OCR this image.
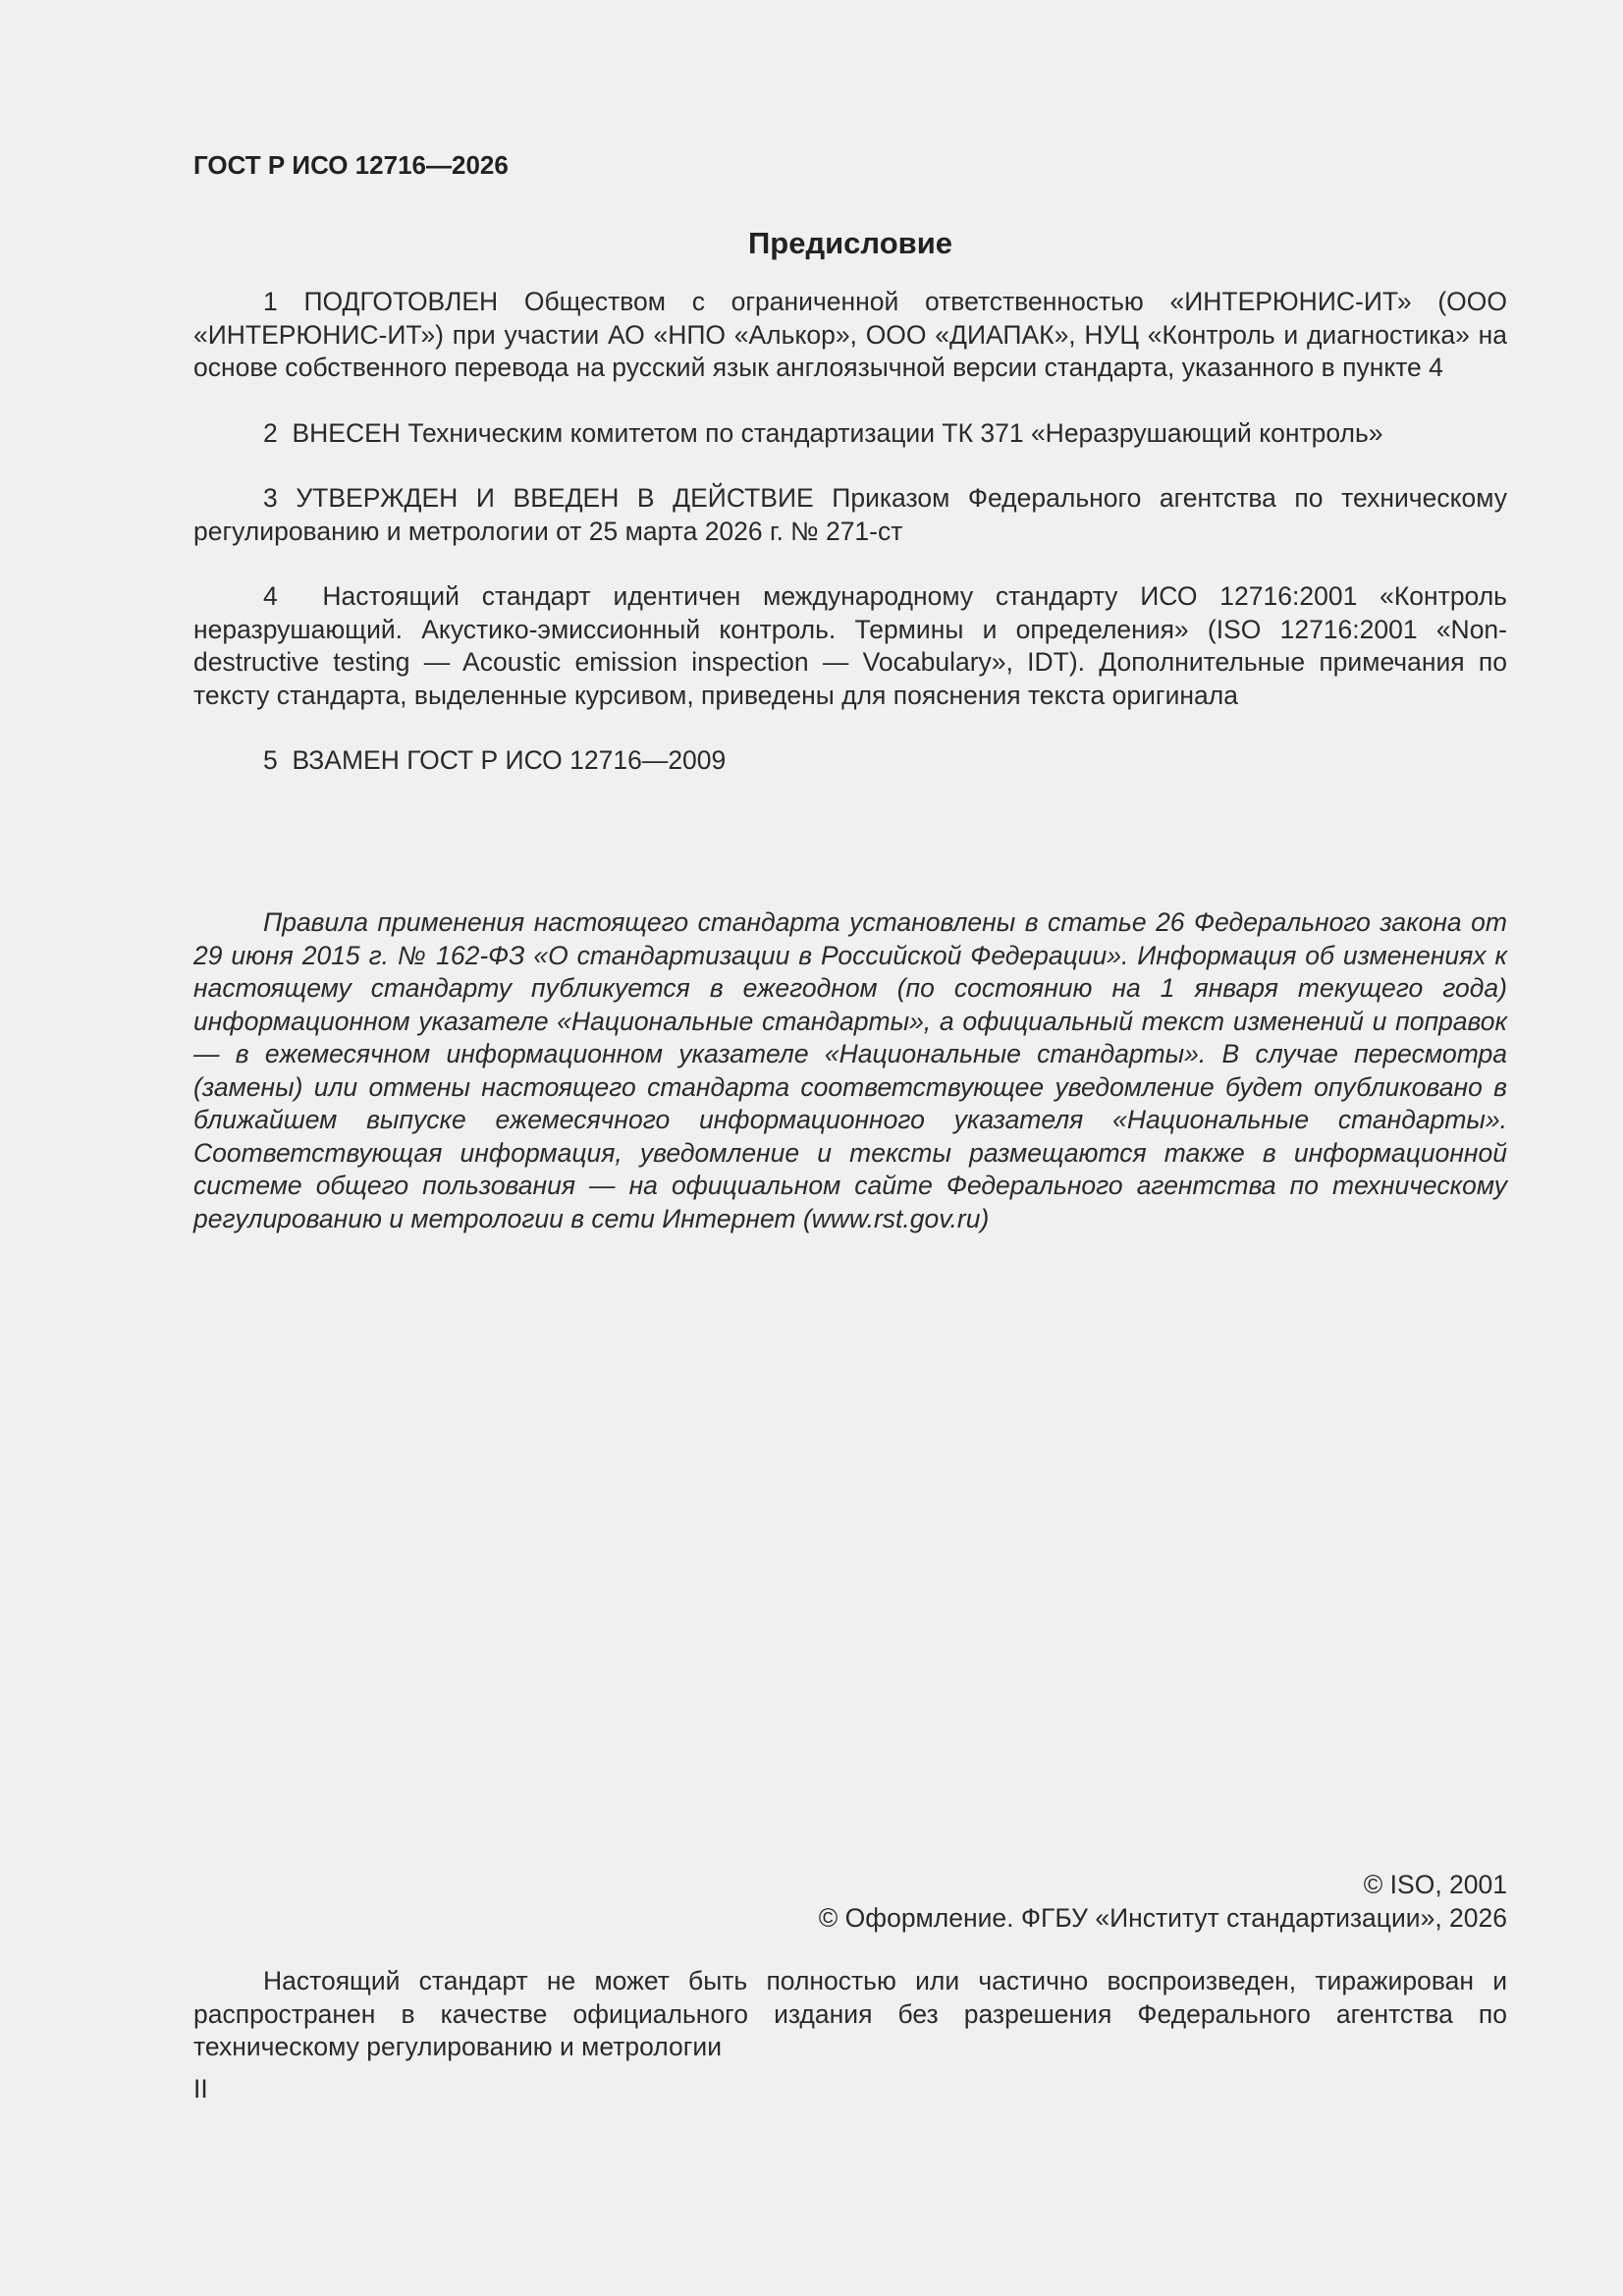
ГОСТ Р ИСО 12716—2026
Предисловие

1 ПОДГОТОВЛЕН Обществом с ограниченной ответственностью «ИНТЕРЮНИС-ИТ» (ООО «ИНТЕРЮНИС-ИТ») при участии АО «НПО «Алькор», ООО «ДИАПАК», НУЦ «Контроль и диагностика» на основе собственного перевода на русский язык англоязычной версии стандарта, указанного в пункте 4

2 ВНЕСЕН Техническим комитетом по стандартизации ТК 371 «Неразрушающий контроль»

3 УТВЕРЖДЕН И ВВЕДЕН В ДЕЙСТВИЕ Приказом Федерального агентства по техническому регулированию и метрологии от 25 марта 2026 г. № 271-ст

4 Настоящий стандарт идентичен международному стандарту ИСО 12716:2001 «Контроль неразрушающий. Акустико-эмиссионный контроль. Термины и определения» (ISO 12716:2001 «Non-destructive testing — Acoustic emission inspection — Vocabulary», IDT). Дополнительные примечания по тексту стандарта, выделенные курсивом, приведены для пояснения текста оригинала

5 ВЗАМЕН ГОСТ Р ИСО 12716—2009

Правила применения настоящего стандарта установлены в статье 26 Федерального закона от 29 июня 2015 г. № 162-ФЗ «О стандартизации в Российской Федерации». Информация об изменениях к настоящему стандарту публикуется в ежегодном (по состоянию на 1 января текущего года) информационном указателе «Национальные стандарты», а официальный текст изменений и поправок — в ежемесячном информационном указателе «Национальные стандарты». В случае пересмотра (замены) или отмены настоящего стандарта соответствующее уведомление будет опубликовано в ближайшем выпуске ежемесячного информационного указателя «Национальные стандарты». Соответствующая информация, уведомление и тексты размещаются также в информационной системе общего пользования — на официальном сайте Федерального агентства по техническому регулированию и метрологии в сети Интернет (www.rst.gov.ru)

© ISO, 2001
© Оформление. ФГБУ «Институт стандартизации», 2026

Настоящий стандарт не может быть полностью или частично воспроизведен, тиражирован и распространен в качестве официального издания без разрешения Федерального агентства по техническому регулированию и метрологии

II
